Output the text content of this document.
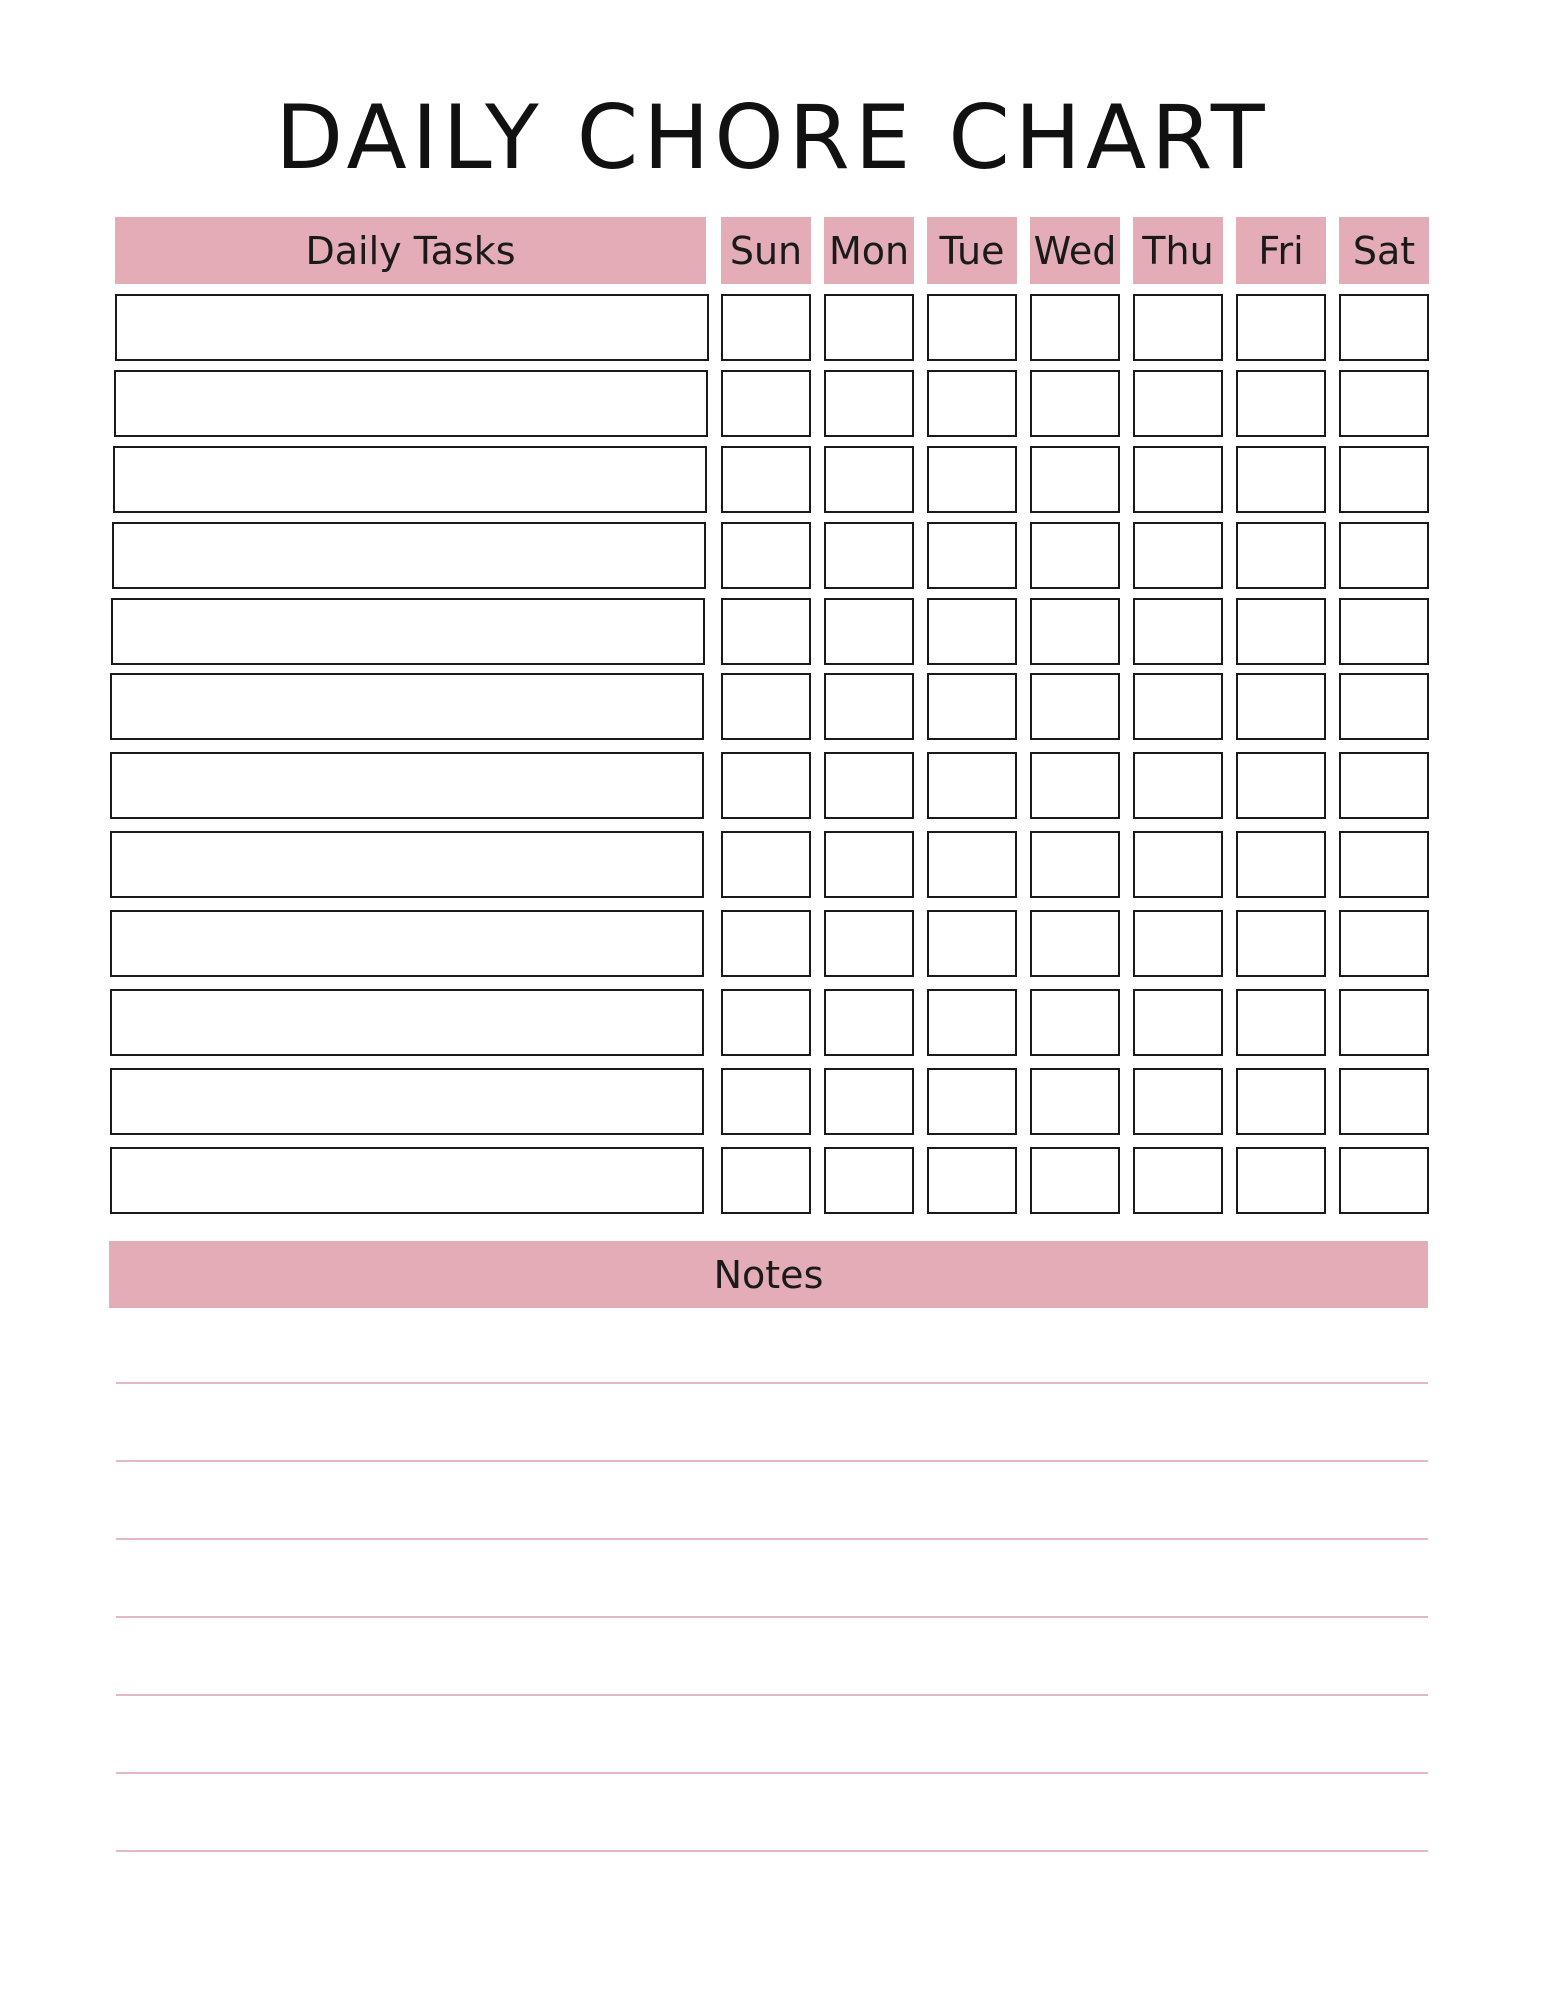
DAILY CHORE CHART
Daily Tasks	Sun Mon Tue Wed Thu	Fri	Sat
Notes
